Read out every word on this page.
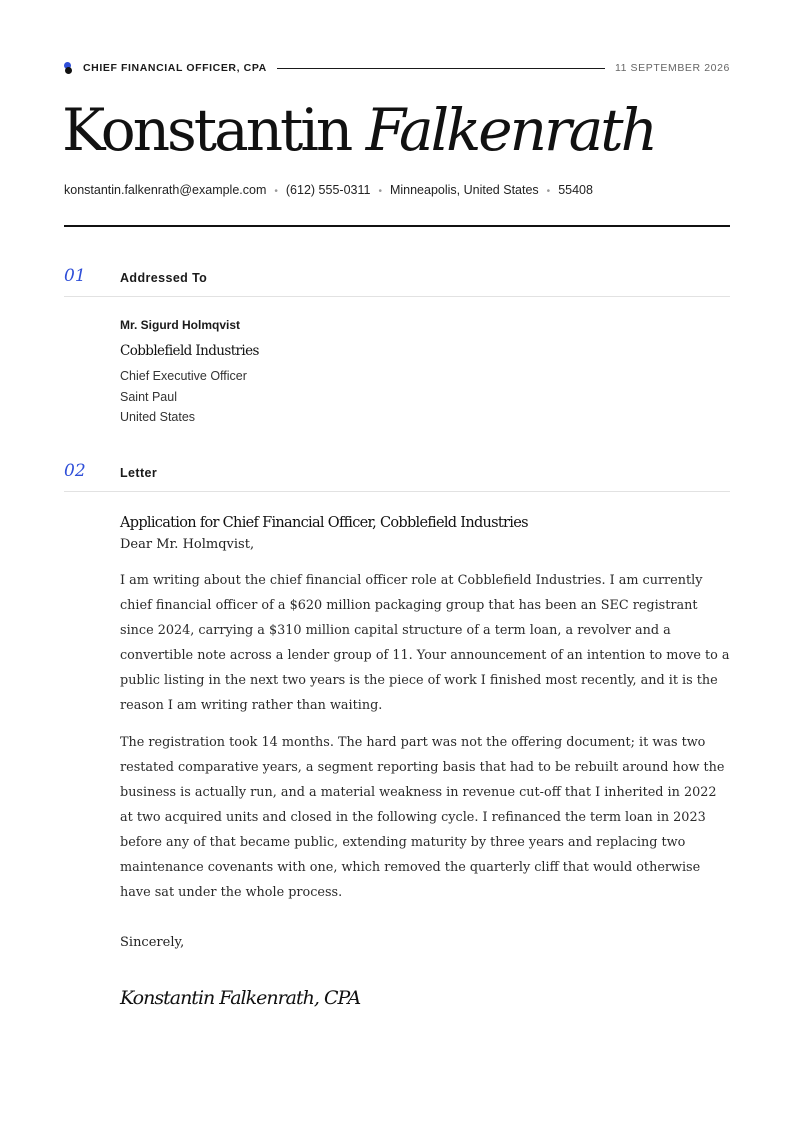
CHIEF FINANCIAL OFFICER, CPA	11 SEPTEMBER 2026
Konstantin Falkenrath
konstantin.falkenrath@example.com • (612) 555-0311 • Minneapolis, United States • 55408
01	Addressed To
Mr. Sigurd Holmqvist
Cobblefield Industries
Chief Executive Officer
Saint Paul
United States
02	Letter
Application for Chief Financial Officer, Cobblefield Industries
Dear Mr. Holmqvist,

I am writing about the chief financial officer role at Cobblefield Industries. I am currently chief financial officer of a $620 million packaging group that has been an SEC registrant since 2024, carrying a $310 million capital structure of a term loan, a revolver and a convertible note across a lender group of 11. Your announcement of an intention to move to a public listing in the next two years is the piece of work I finished most recently, and it is the reason I am writing rather than waiting.

The registration took 14 months. The hard part was not the offering document; it was two restated comparative years, a segment reporting basis that had to be rebuilt around how the business is actually run, and a material weakness in revenue cut-off that I inherited in 2022 at two acquired units and closed in the following cycle. I refinanced the term loan in 2023 before any of that became public, extending maturity by three years and replacing two maintenance covenants with one, which removed the quarterly cliff that would otherwise have sat under the whole process.

Sincerely,
Konstantin Falkenrath, CPA
